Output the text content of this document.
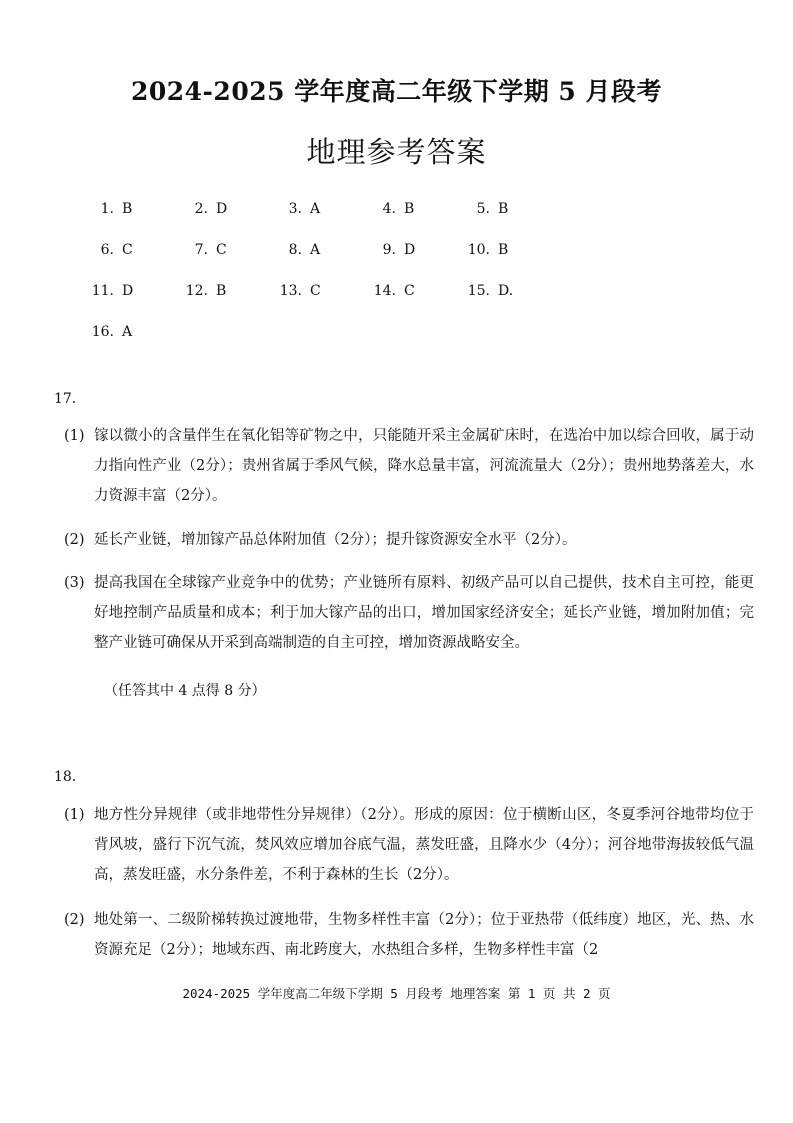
2024-2025 学年度高二年级下学期 5 月段考
地理参考答案
1. B	2. D	3. A	4. B	5. B
6. C	7. C	8. A	9. D	10. B
11. D	12. B	13. C	14. C	15. D.
16. A
17．
(1) 镓以微小的含量伴生在氧化铝等矿物之中，只能随开采主金属矿床时，在选冶中加以综合回收，属于动力指向性产业（2分）；贵州省属于季风气候，降水总量丰富，河流流量大（2分）；贵州地势落差大，水力资源丰富（2分）。
(2) 延长产业链，增加镓产品总体附加值（2分）；提升镓资源安全水平（2分）。
(3) 提高我国在全球镓产业竞争中的优势；产业链所有原料、初级产品可以自己提供，技术自主可控，能更好地控制产品质量和成本；利于加大镓产品的出口，增加国家经济安全；延长产业链，增加附加值；完整产业链可确保从开采到高端制造的自主可控，增加资源战略安全。
（任答其中 4 点得 8 分）
18．
(1) 地方性分异规律（或非地带性分异规律）（2分）。形成的原因：位于横断山区，冬夏季河谷地带均位于背风坡，盛行下沉气流，焚风效应增加谷底气温，蒸发旺盛，且降水少（4分）；河谷地带海拔较低气温高，蒸发旺盛，水分条件差，不利于森林的生长（2分）。
(2) 地处第一、二级阶梯转换过渡地带，生物多样性丰富（2分）；位于亚热带（低纬度）地区，光、热、水资源充足（2分）；地域东西、南北跨度大，水热组合多样，生物多样性丰富（2
2024-2025 学年度高二年级下学期 5 月段考 地理答案 第 1 页 共 2 页
